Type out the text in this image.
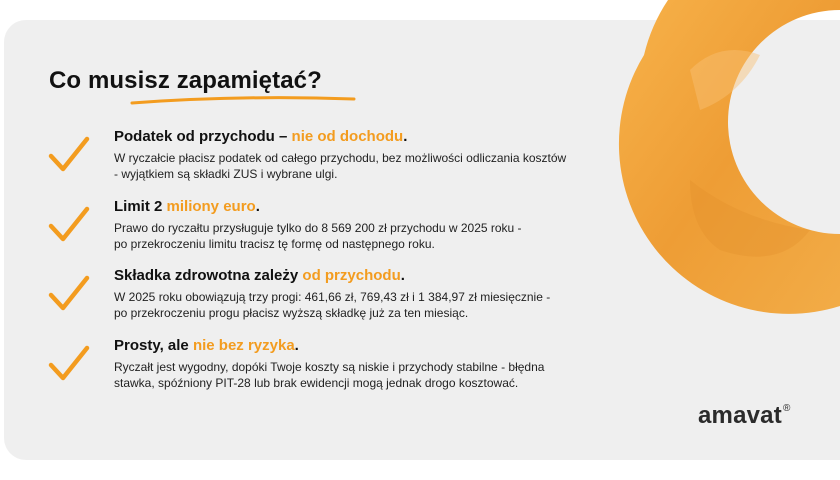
Co musisz zapamiętać?
Podatek od przychodu – nie od dochodu.

W ryczałcie płacisz podatek od całego przychodu, bez możliwości odliczania kosztów
- wyjątkiem są składki ZUS i wybrane ulgi.

Limit 2 miliony euro.

Prawo do ryczałtu przysługuje tylko do 8 569 200 zł przychodu w 2025 roku -
po przekroczeniu limitu tracisz tę formę od następnego roku.

Składka zdrowotna zależy od przychodu.

W 2025 roku obowiązują trzy progi: 461,66 zł, 769,43 zł i 1 384,97 zł miesięcznie -
po przekroczeniu progu płacisz wyższą składkę już za ten miesiąc.

Prosty, ale nie bez ryzyka.

Ryczałt jest wygodny, dopóki Twoje koszty są niskie i przychody stabilne - błędna
stawka, spóźniony PIT-28 lub brak ewidencji mogą jednak drogo kosztować.

amavat®
